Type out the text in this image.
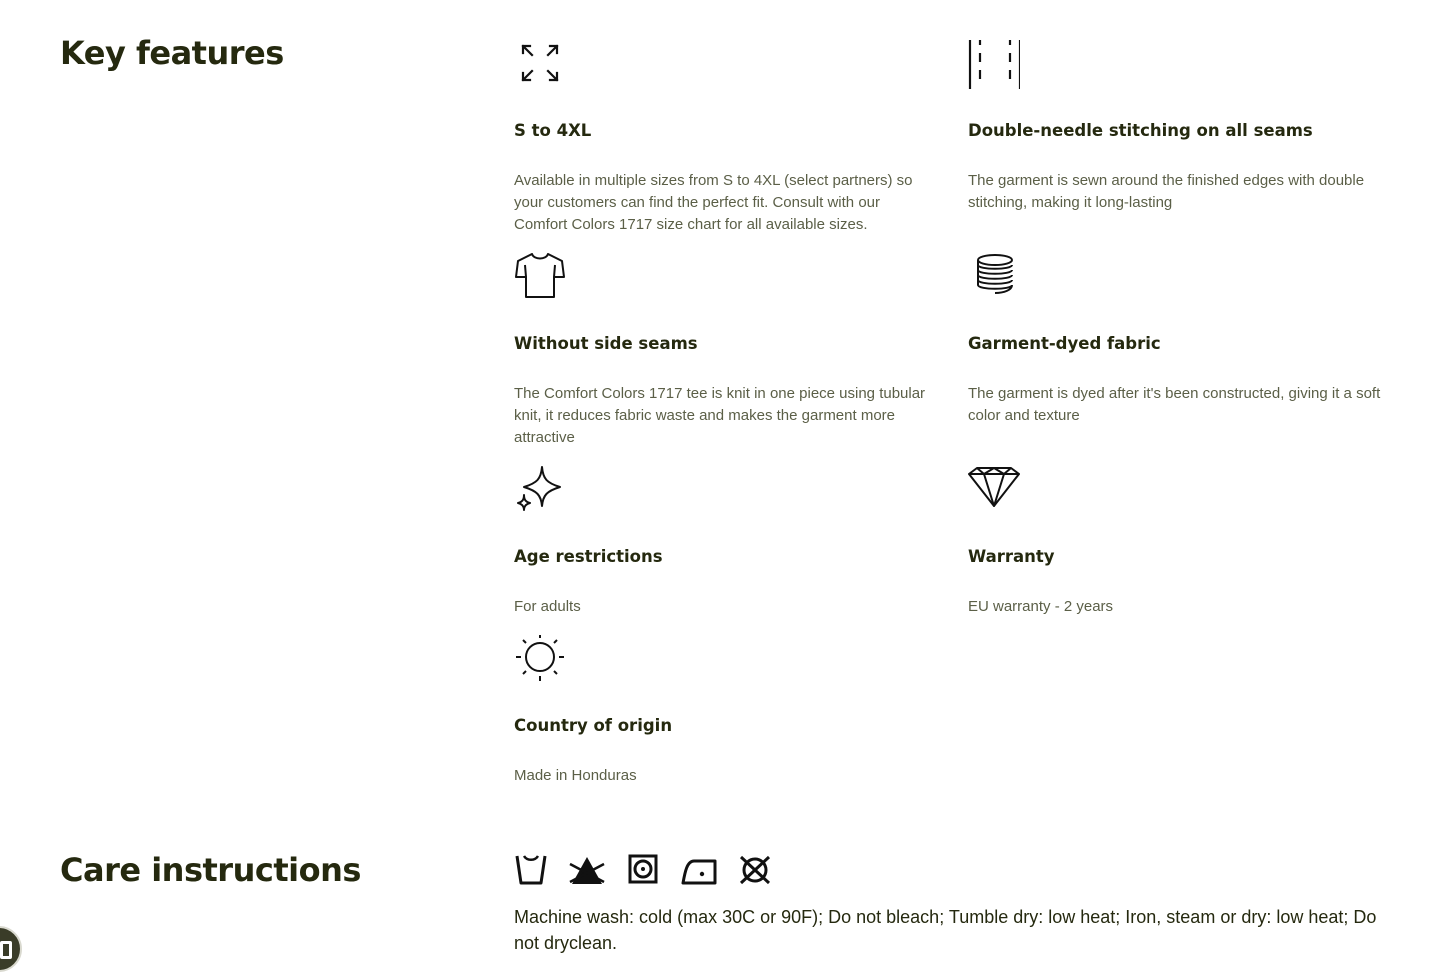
Key features
S to 4XL
Available in multiple sizes from S to 4XL (select partners) so your customers can find the perfect fit. Consult with our Comfort Colors 1717 size chart for all available sizes.
Double-needle stitching on all seams
The garment is sewn around the finished edges with double stitching, making it long-lasting
Without side seams
The Comfort Colors 1717 tee is knit in one piece using tubular knit, it reduces fabric waste and makes the garment more attractive
Garment-dyed fabric
The garment is dyed after it's been constructed, giving it a soft color and texture
Age restrictions
For adults
Warranty
EU warranty - 2 years
Country of origin
Made in Honduras
Care instructions

Machine wash: cold (max 30C or 90F); Do not bleach; Tumble dry: low heat; Iron, steam or dry: low heat; Do not dryclean.
